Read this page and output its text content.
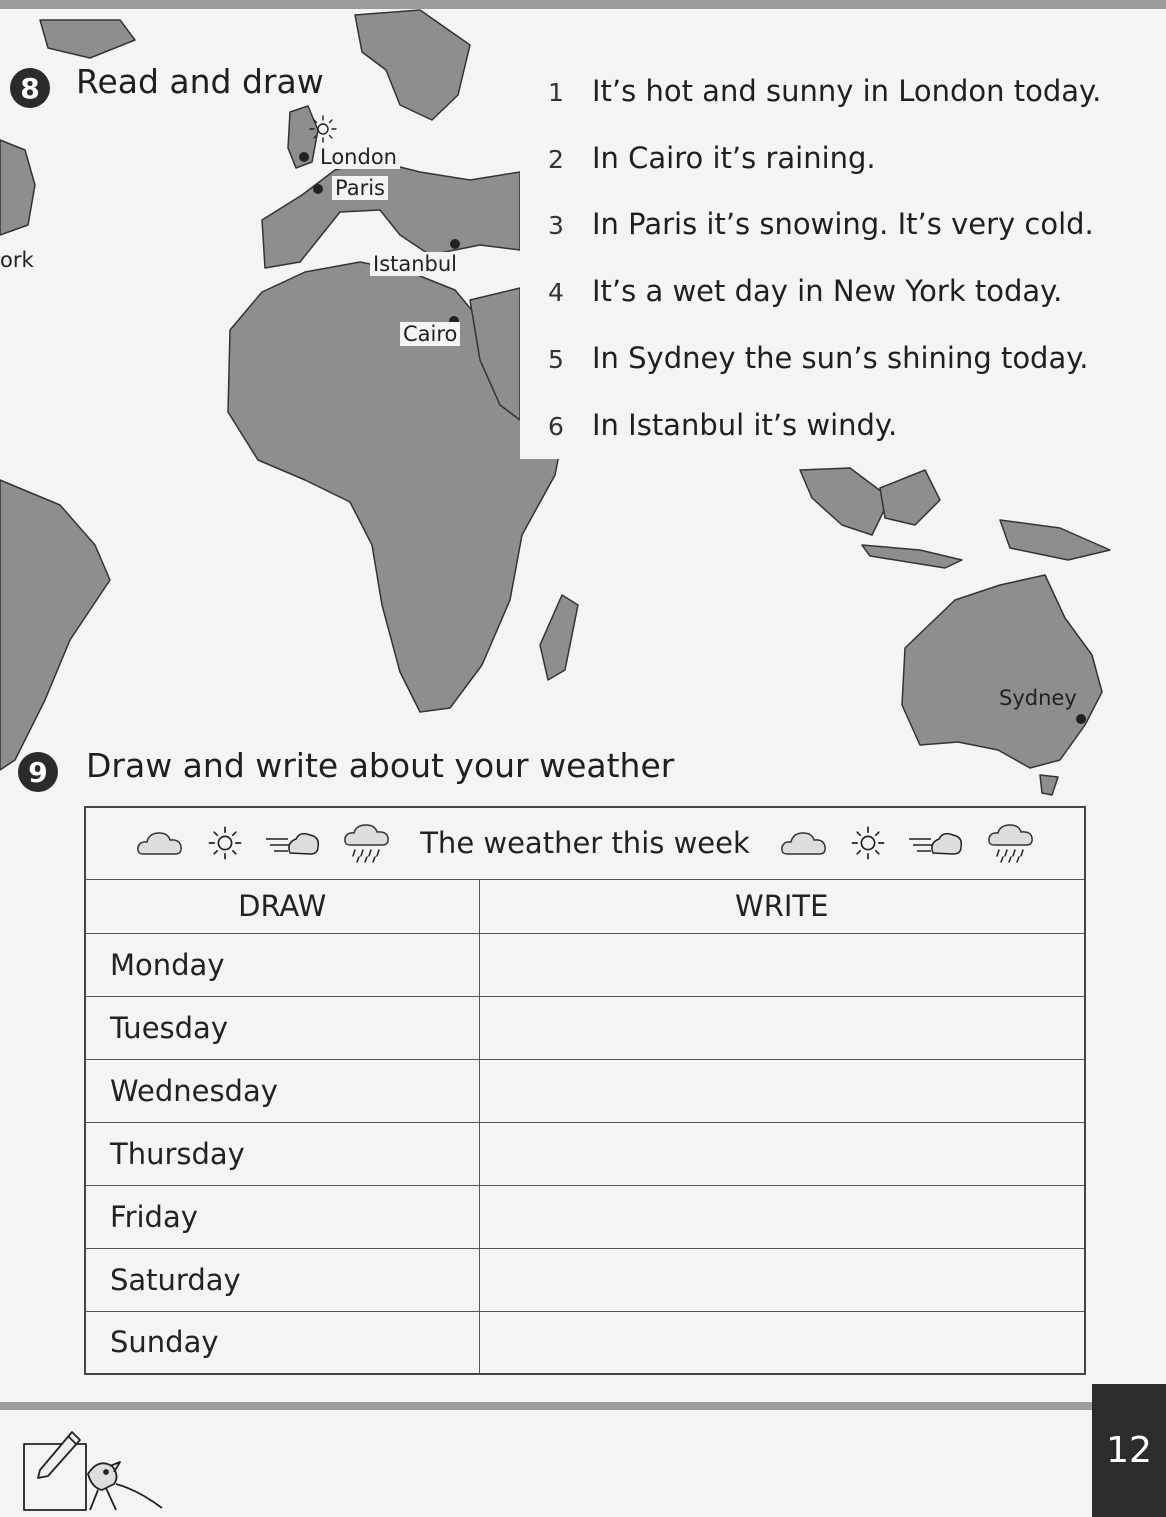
8 Read and draw
London
Paris
Istanbul
Cairo
ork
Sydney
1 It’s hot and sunny in London today.
2 In Cairo it’s raining.
3 In Paris it’s snowing. It’s very cold.
4 It’s a wet day in New York today.
5 In Sydney the sun’s shining today.
6 In Istanbul it’s windy.
9 Draw and write about your weather
The weather this week	
DRAW	WRITE
Monday	
Tuesday	
Wednesday	
Thursday	
Friday	
Saturday	
Sunday	
12
